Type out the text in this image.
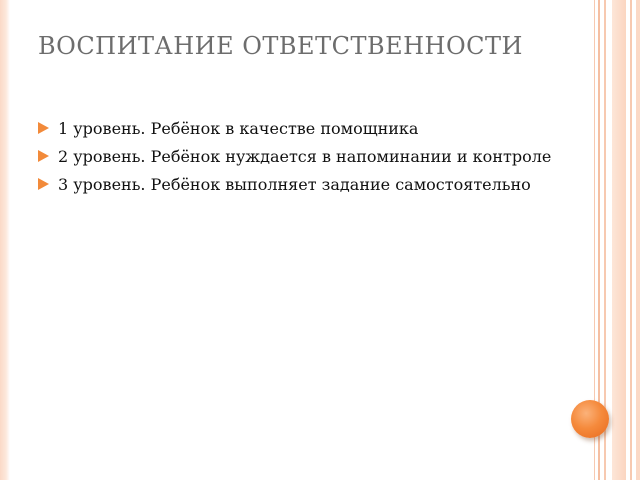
ВОСПИТАНИЕ ОТВЕТСТВЕННОСТИ
1 уровень. Ребёнок в качестве помощника
2 уровень. Ребёнок нуждается в напоминании и контроле
3 уровень. Ребёнок выполняет задание самостоятельно
